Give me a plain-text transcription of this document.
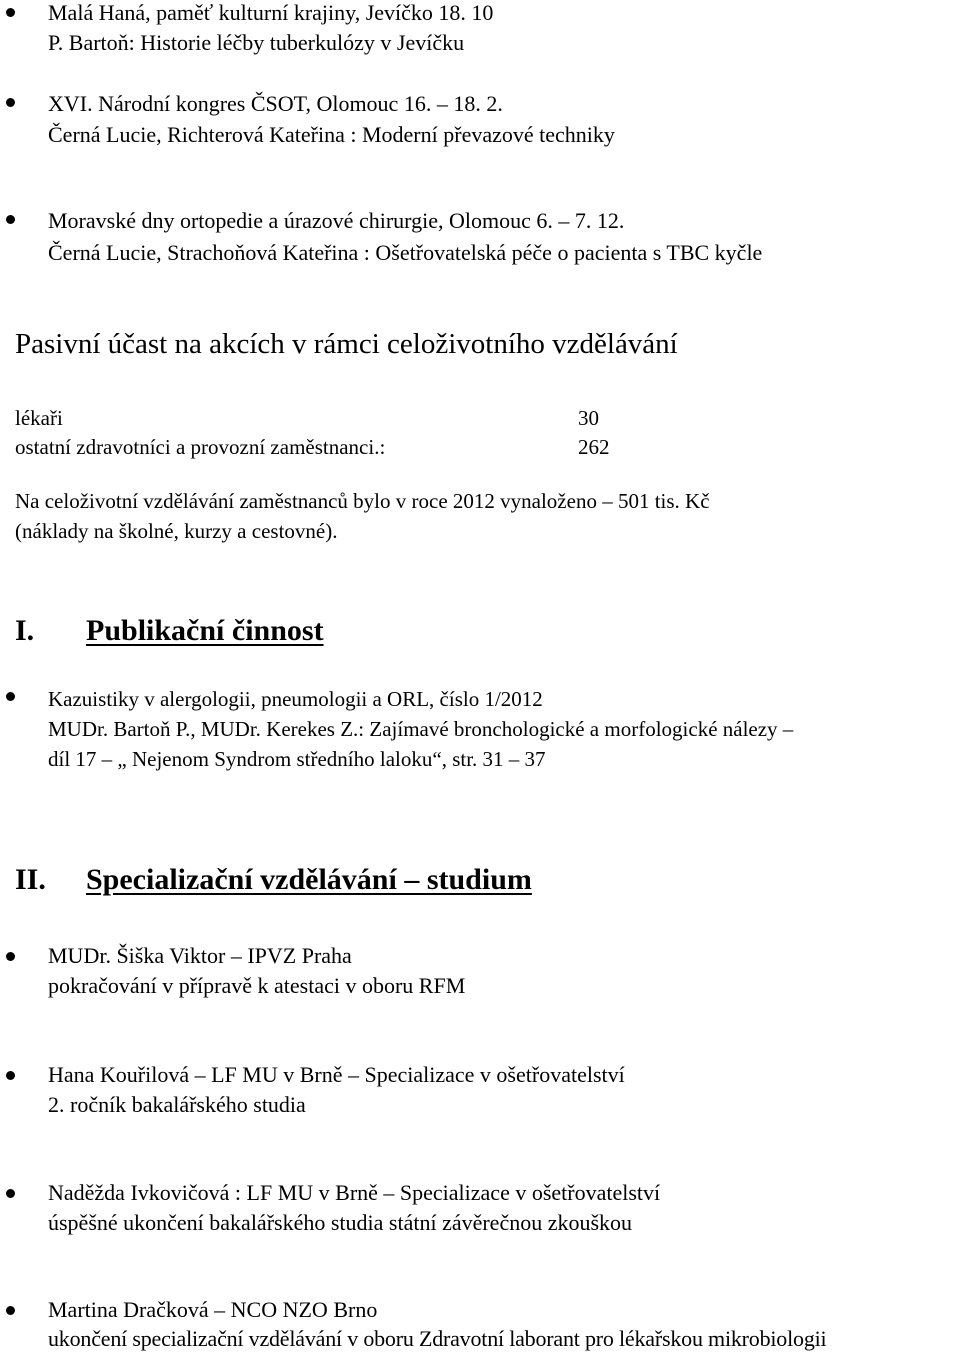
Malá Haná, paměť kulturní krajiny, Jevíčko 18. 10
P. Bartoň: Historie léčby tuberkulózy v Jevíčku
XVI. Národní kongres ČSOT, Olomouc 16. – 18. 2.
Černá Lucie, Richterová Kateřina : Moderní převazové techniky
Moravské dny ortopedie a úrazové chirurgie, Olomouc 6. – 7. 12.
Černá Lucie, Strachoňová Kateřina : Ošetřovatelská péče o pacienta s TBC kyčle
Pasivní účast na akcích v rámci celoživotního vzdělávání
lékaři	30
ostatní zdravotníci a provozní zaměstnanci.:	262
Na celoživotní vzdělávání zaměstnanců bylo v roce 2012 vynaloženo – 501 tis. Kč
(náklady na školné, kurzy a cestovné).
I. Publikační činnost
Kazuistiky v alergologii, pneumologii a ORL, číslo 1/2012
MUDr. Bartoň P., MUDr. Kerekes Z.: Zajímavé bronchologické a morfologické nálezy –
díl 17 – „ Nejenom Syndrom středního laloku“, str. 31 – 37
II. Specializační vzdělávání – studium
MUDr. Šiška Viktor – IPVZ Praha
pokračování v přípravě k atestaci v oboru RFM
Hana Kouřilová – LF MU v Brně – Specializace v ošetřovatelství
2. ročník bakalářského studia
Naděžda Ivkovičová : LF MU v Brně – Specializace v ošetřovatelství
úspěšné ukončení bakalářského studia státní závěrečnou zkouškou
Martina Dračková – NCO NZO Brno
ukončení specializační vzdělávání v oboru Zdravotní laborant pro lékařskou mikrobiologii
